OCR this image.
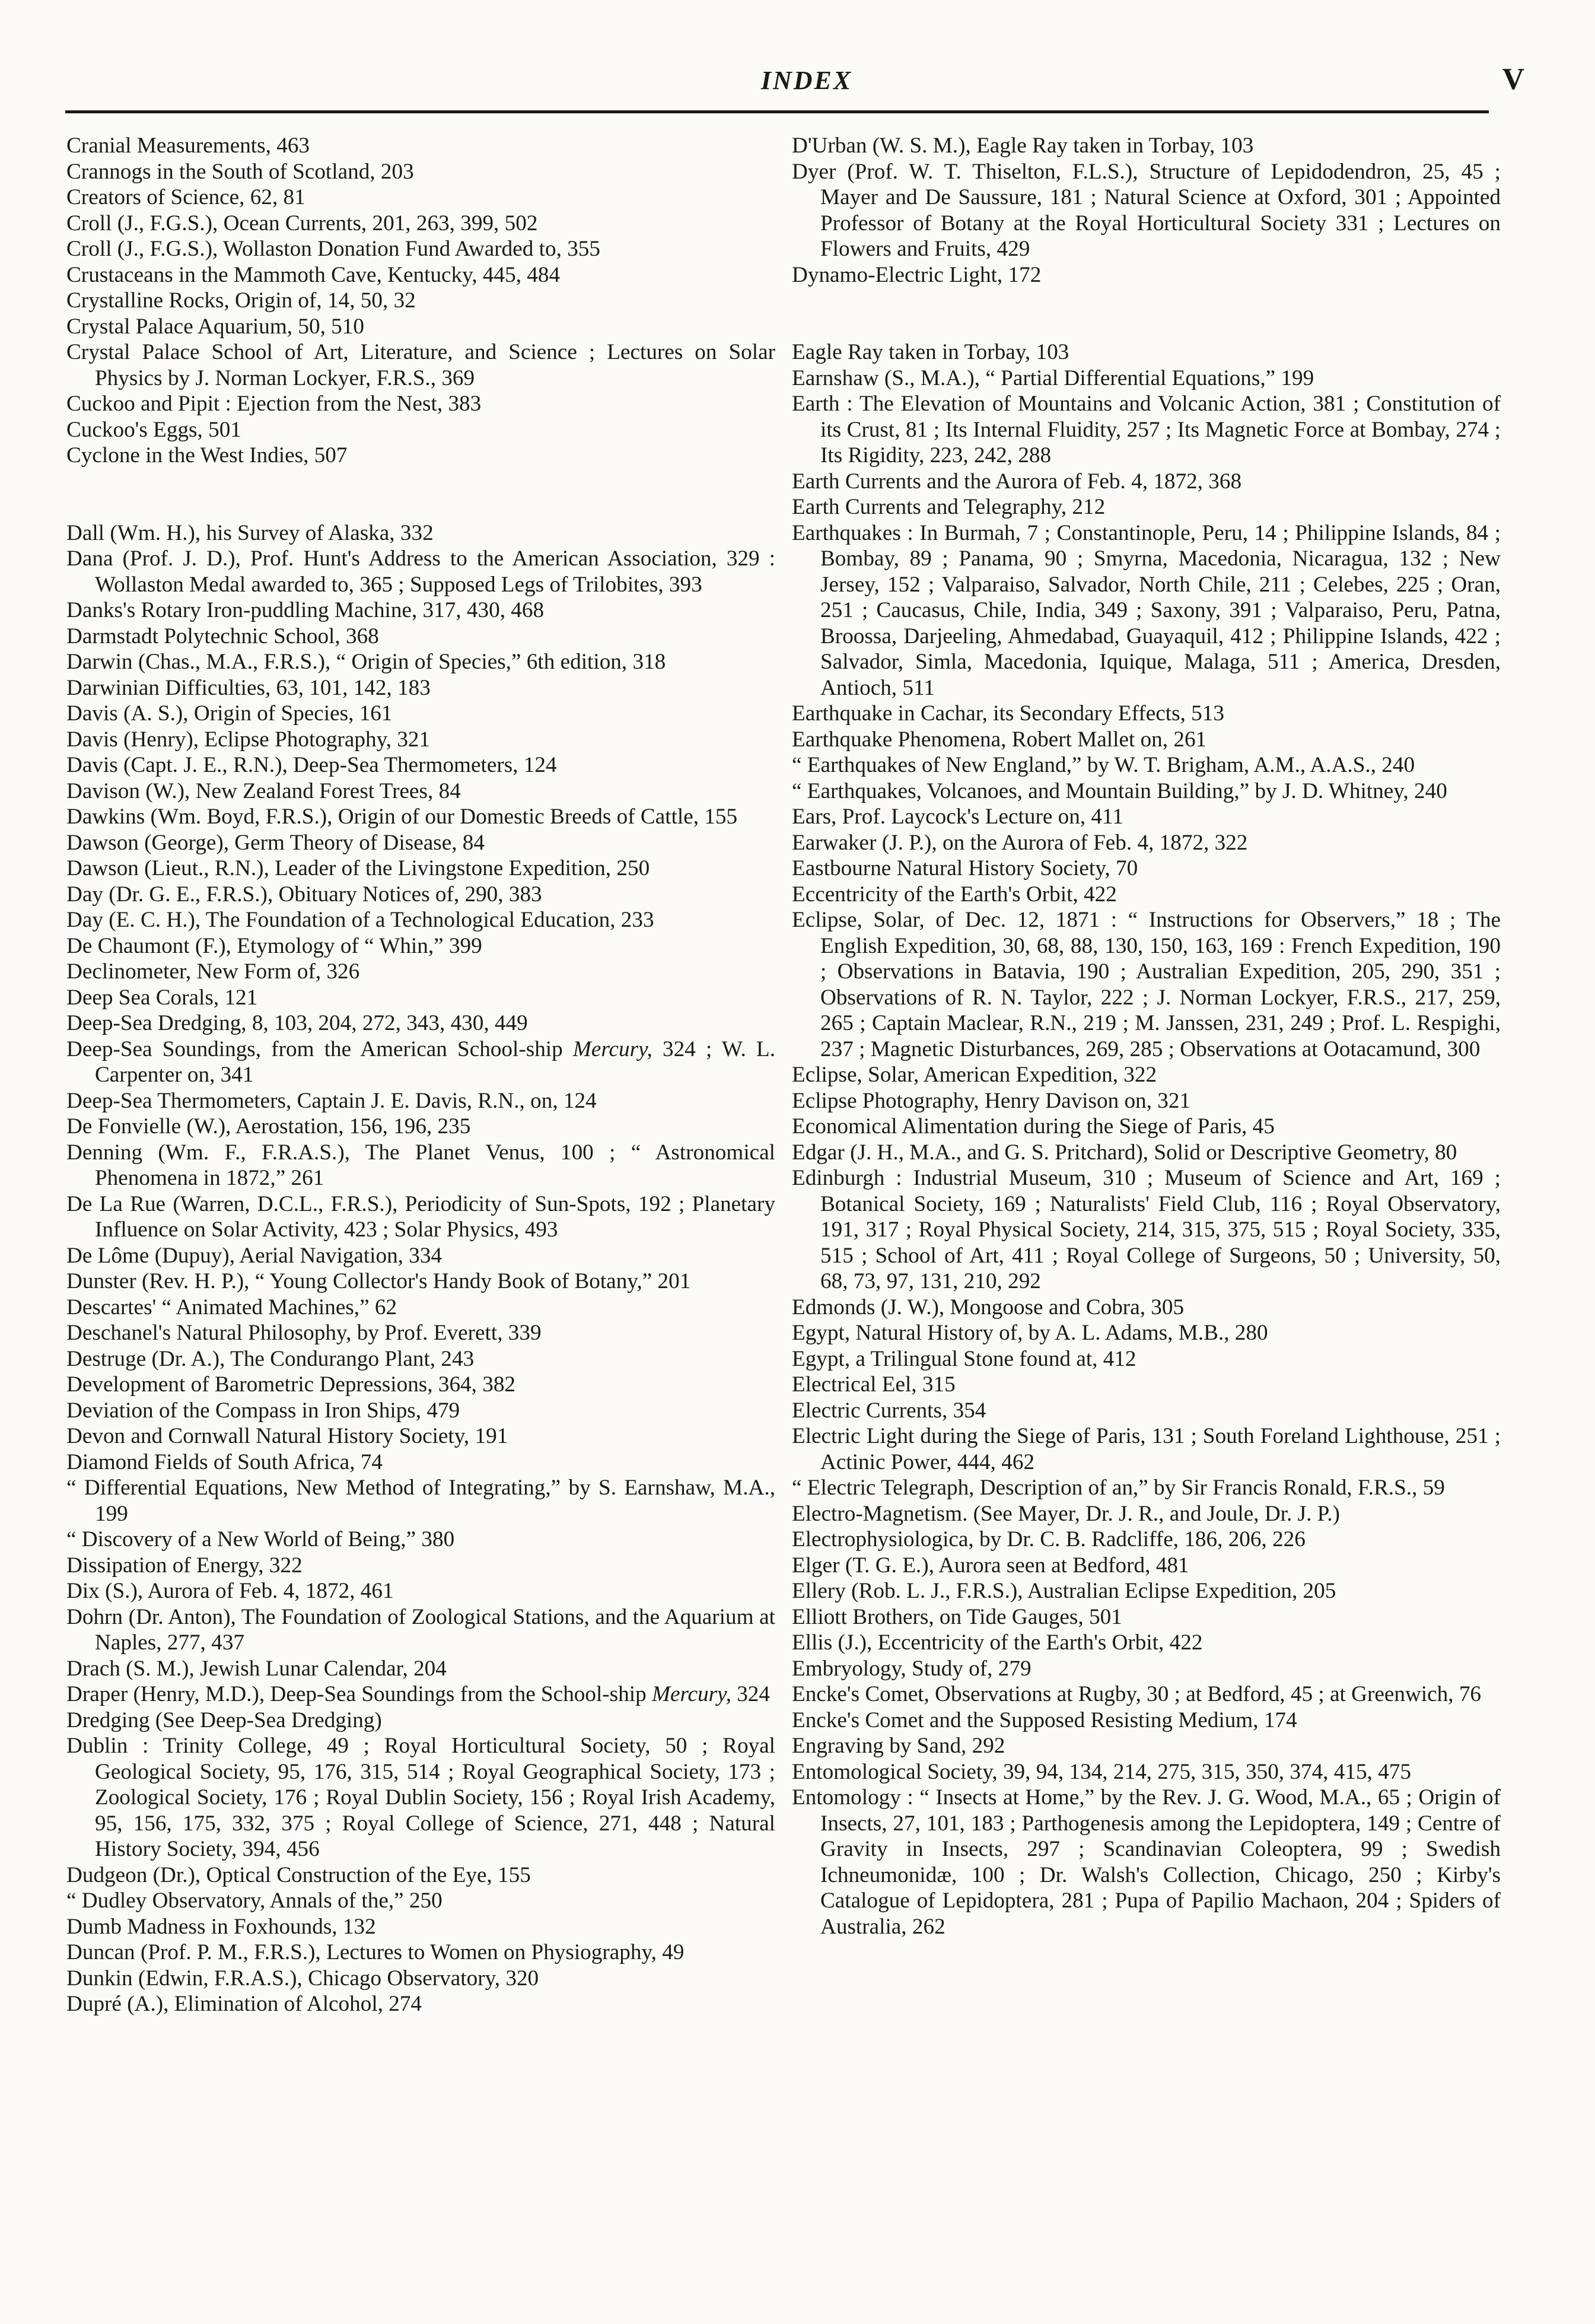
INDEX	V
Cranial Measurements, 463
Crannogs in the South of Scotland, 203
Creators of Science, 62, 81
Croll (J., F.G.S.), Ocean Currents, 201, 263, 399, 502
Croll (J., F.G.S.), Wollaston Donation Fund Awarded to, 355
Crustaceans in the Mammoth Cave, Kentucky, 445, 484
Crystalline Rocks, Origin of, 14, 50, 32
Crystal Palace Aquarium, 50, 510
Crystal Palace School of Art, Literature, and Science ; Lectures on Solar Physics by J. Norman Lockyer, F.R.S., 369
Cuckoo and Pipit : Ejection from the Nest, 383
Cuckoo's Eggs, 501
Cyclone in the West Indies, 507
Dall (Wm. H.), his Survey of Alaska, 332
Dana (Prof. J. D.), Prof. Hunt's Address to the American Association, 329 : Wollaston Medal awarded to, 365 ; Supposed Legs of Trilobites, 393
Danks's Rotary Iron-puddling Machine, 317, 430, 468
Darmstadt Polytechnic School, 368
Darwin (Chas., M.A., F.R.S.), “ Origin of Species,” 6th edition, 318
Darwinian Difficulties, 63, 101, 142, 183
Davis (A. S.), Origin of Species, 161
Davis (Henry), Eclipse Photography, 321
Davis (Capt. J. E., R.N.), Deep-Sea Thermometers, 124
Davison (W.), New Zealand Forest Trees, 84
Dawkins (Wm. Boyd, F.R.S.), Origin of our Domestic Breeds of Cattle, 155
Dawson (George), Germ Theory of Disease, 84
Dawson (Lieut., R.N.), Leader of the Livingstone Expedition, 250
Day (Dr. G. E., F.R.S.), Obituary Notices of, 290, 383
Day (E. C. H.), The Foundation of a Technological Education, 233
De Chaumont (F.), Etymology of “ Whin,” 399
Declinometer, New Form of, 326
Deep Sea Corals, 121
Deep-Sea Dredging, 8, 103, 204, 272, 343, 430, 449
Deep-Sea Soundings, from the American School-ship Mercury, 324 ; W. L. Carpenter on, 341
Deep-Sea Thermometers, Captain J. E. Davis, R.N., on, 124
De Fonvielle (W.), Aerostation, 156, 196, 235
Denning (Wm. F., F.R.A.S.), The Planet Venus, 100 ; “ Astronomical Phenomena in 1872,” 261
De La Rue (Warren, D.C.L., F.R.S.), Periodicity of Sun-Spots, 192 ; Planetary Influence on Solar Activity, 423 ; Solar Physics, 493
De Lôme (Dupuy), Aerial Navigation, 334
Dunster (Rev. H. P.), “ Young Collector's Handy Book of Botany,” 201
Descartes' “ Animated Machines,” 62
Deschanel's Natural Philosophy, by Prof. Everett, 339
Destruge (Dr. A.), The Condurango Plant, 243
Development of Barometric Depressions, 364, 382
Deviation of the Compass in Iron Ships, 479
Devon and Cornwall Natural History Society, 191
Diamond Fields of South Africa, 74
“ Differential Equations, New Method of Integrating,” by S. Earnshaw, M.A., 199
“ Discovery of a New World of Being,” 380
Dissipation of Energy, 322
Dix (S.), Aurora of Feb. 4, 1872, 461
Dohrn (Dr. Anton), The Foundation of Zoological Stations, and the Aquarium at Naples, 277, 437
Drach (S. M.), Jewish Lunar Calendar, 204
Draper (Henry, M.D.), Deep-Sea Soundings from the School-ship Mercury, 324
Dredging (See Deep-Sea Dredging)
Dublin : Trinity College, 49 ; Royal Horticultural Society, 50 ; Royal Geological Society, 95, 176, 315, 514 ; Royal Geographical Society, 173 ; Zoological Society, 176 ; Royal Dublin Society, 156 ; Royal Irish Academy, 95, 156, 175, 332, 375 ; Royal College of Science, 271, 448 ; Natural History Society, 394, 456
Dudgeon (Dr.), Optical Construction of the Eye, 155
“ Dudley Observatory, Annals of the,” 250
Dumb Madness in Foxhounds, 132
Duncan (Prof. P. M., F.R.S.), Lectures to Women on Physiography, 49
Dunkin (Edwin, F.R.A.S.), Chicago Observatory, 320
Dupré (A.), Elimination of Alcohol, 274
D'Urban (W. S. M.), Eagle Ray taken in Torbay, 103
Dyer (Prof. W. T. Thiselton, F.L.S.), Structure of Lepidodendron, 25, 45 ; Mayer and De Saussure, 181 ; Natural Science at Oxford, 301 ; Appointed Professor of Botany at the Royal Horticultural Society 331 ; Lectures on Flowers and Fruits, 429
Dynamo-Electric Light, 172
Eagle Ray taken in Torbay, 103
Earnshaw (S., M.A.), “ Partial Differential Equations,” 199
Earth : The Elevation of Mountains and Volcanic Action, 381 ; Constitution of its Crust, 81 ; Its Internal Fluidity, 257 ; Its Magnetic Force at Bombay, 274 ; Its Rigidity, 223, 242, 288
Earth Currents and the Aurora of Feb. 4, 1872, 368
Earth Currents and Telegraphy, 212
Earthquakes : In Burmah, 7 ; Constantinople, Peru, 14 ; Philippine Islands, 84 ; Bombay, 89 ; Panama, 90 ; Smyrna, Macedonia, Nicaragua, 132 ; New Jersey, 152 ; Valparaiso, Salvador, North Chile, 211 ; Celebes, 225 ; Oran, 251 ; Caucasus, Chile, India, 349 ; Saxony, 391 ; Valparaiso, Peru, Patna, Broossa, Darjeeling, Ahmedabad, Guayaquil, 412 ; Philippine Islands, 422 ; Salvador, Simla, Macedonia, Iquique, Malaga, 511 ; America, Dresden, Antioch, 511
Earthquake in Cachar, its Secondary Effects, 513
Earthquake Phenomena, Robert Mallet on, 261
“ Earthquakes of New England,” by W. T. Brigham, A.M., A.A.S., 240
“ Earthquakes, Volcanoes, and Mountain Building,” by J. D. Whitney, 240
Ears, Prof. Laycock's Lecture on, 411
Earwaker (J. P.), on the Aurora of Feb. 4, 1872, 322
Eastbourne Natural History Society, 70
Eccentricity of the Earth's Orbit, 422
Eclipse, Solar, of Dec. 12, 1871 : “ Instructions for Observers,” 18 ; The English Expedition, 30, 68, 88, 130, 150, 163, 169 : French Expedition, 190 ; Observations in Batavia, 190 ; Australian Expedition, 205, 290, 351 ; Observations of R. N. Taylor, 222 ; J. Norman Lockyer, F.R.S., 217, 259, 265 ; Captain Maclear, R.N., 219 ; M. Janssen, 231, 249 ; Prof. L. Respighi, 237 ; Magnetic Disturbances, 269, 285 ; Observations at Ootacamund, 300
Eclipse, Solar, American Expedition, 322
Eclipse Photography, Henry Davison on, 321
Economical Alimentation during the Siege of Paris, 45
Edgar (J. H., M.A., and G. S. Pritchard), Solid or Descriptive Geometry, 80
Edinburgh : Industrial Museum, 310 ; Museum of Science and Art, 169 ; Botanical Society, 169 ; Naturalists' Field Club, 116 ; Royal Observatory, 191, 317 ; Royal Physical Society, 214, 315, 375, 515 ; Royal Society, 335, 515 ; School of Art, 411 ; Royal College of Surgeons, 50 ; University, 50, 68, 73, 97, 131, 210, 292
Edmonds (J. W.), Mongoose and Cobra, 305
Egypt, Natural History of, by A. L. Adams, M.B., 280
Egypt, a Trilingual Stone found at, 412
Electrical Eel, 315
Electric Currents, 354
Electric Light during the Siege of Paris, 131 ; South Foreland Lighthouse, 251 ; Actinic Power, 444, 462
“ Electric Telegraph, Description of an,” by Sir Francis Ronald, F.R.S., 59
Electro-Magnetism. (See Mayer, Dr. J. R., and Joule, Dr. J. P.)
Electrophysiologica, by Dr. C. B. Radcliffe, 186, 206, 226
Elger (T. G. E.), Aurora seen at Bedford, 481
Ellery (Rob. L. J., F.R.S.), Australian Eclipse Expedition, 205
Elliott Brothers, on Tide Gauges, 501
Ellis (J.), Eccentricity of the Earth's Orbit, 422
Embryology, Study of, 279
Encke's Comet, Observations at Rugby, 30 ; at Bedford, 45 ; at Greenwich, 76
Encke's Comet and the Supposed Resisting Medium, 174
Engraving by Sand, 292
Entomological Society, 39, 94, 134, 214, 275, 315, 350, 374, 415, 475
Entomology : “ Insects at Home,” by the Rev. J. G. Wood, M.A., 65 ; Origin of Insects, 27, 101, 183 ; Parthogenesis among the Lepidoptera, 149 ; Centre of Gravity in Insects, 297 ; Scandinavian Coleoptera, 99 ; Swedish Ichneumonidæ, 100 ; Dr. Walsh's Collection, Chicago, 250 ; Kirby's Catalogue of Lepidoptera, 281 ; Pupa of Papilio Machaon, 204 ; Spiders of Australia, 262
